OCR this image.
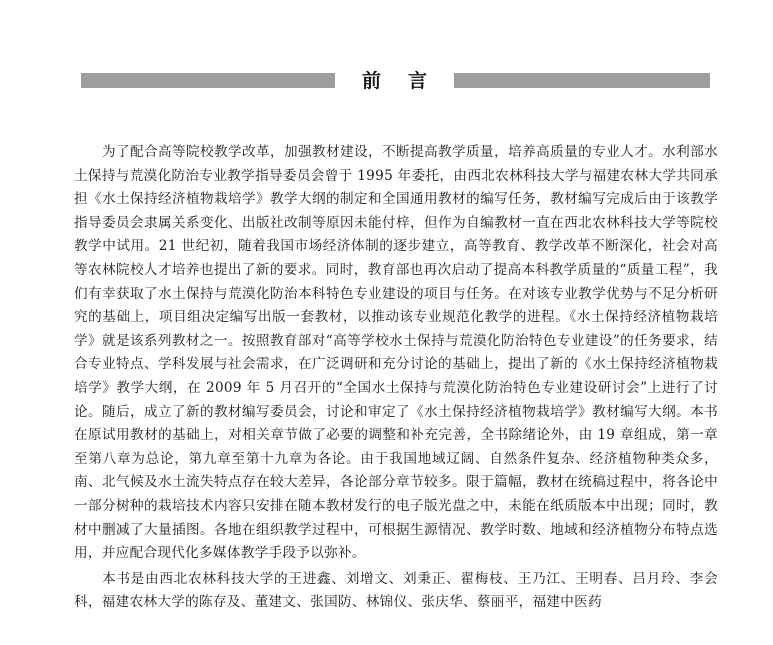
前言

为了配合高等院校教学改革，加强教材建设，不断提高教学质量，培养高质量的专业人才。水利部水土保持与荒漠化防治专业教学指导委员会曾于 1995 年委托，由西北农林科技大学与福建农林大学共同承担《水土保持经济植物栽培学》教学大纲的制定和全国通用教材的编写任务，教材编写完成后由于该教学指导委员会隶属关系变化、出版社改制等原因未能付梓，但作为自编教材一直在西北农林科技大学等院校教学中试用。21 世纪初，随着我国市场经济体制的逐步建立，高等教育、教学改革不断深化，社会对高等农林院校人才培养也提出了新的要求。同时，教育部也再次启动了提高本科教学质量的“质量工程”，我们有幸获取了水土保持与荒漠化防治本科特色专业建设的项目与任务。在对该专业教学优势与不足分析研究的基础上，项目组决定编写出版一套教材，以推动该专业规范化教学的进程。《水土保持经济植物栽培学》就是该系列教材之一。按照教育部对“高等学校水土保持与荒漠化防治特色专业建设”的任务要求，结合专业特点、学科发展与社会需求，在广泛调研和充分讨论的基础上，提出了新的《水土保持经济植物栽培学》教学大纲，在 2009 年 5 月召开的“全国水土保持与荒漠化防治特色专业建设研讨会”上进行了讨论。随后，成立了新的教材编写委员会，讨论和审定了《水土保持经济植物栽培学》教材编写大纲。本书在原试用教材的基础上，对相关章节做了必要的调整和补充完善，全书除绪论外，由 19 章组成，第一章至第八章为总论，第九章至第十九章为各论。由于我国地域辽阔、自然条件复杂、经济植物种类众多，南、北气候及水土流失特点存在较大差异，各论部分章节较多。限于篇幅，教材在统稿过程中，将各论中一部分树种的栽培技术内容只安排在随本教材发行的电子版光盘之中，未能在纸质版本中出现；同时，教材中删减了大量插图。各地在组织教学过程中，可根据生源情况、教学时数、地域和经济植物分布特点选用，并应配合现代化多媒体教学手段予以弥补。

本书是由西北农林科技大学的王进鑫、刘增文、刘秉正、翟梅枝、王乃江、王明春、吕月玲、李会科，福建农林大学的陈存及、董建文、张国防、林锦仪、张庆华、蔡丽平，福建中医药
